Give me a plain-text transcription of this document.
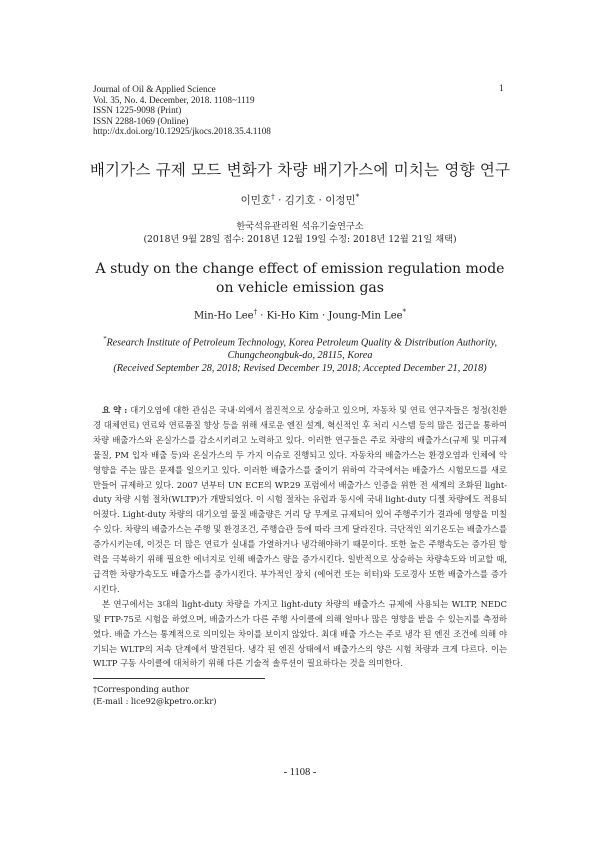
Journal of Oil & Applied Science
Vol. 35, No. 4. December, 2018. 1108~1119
ISSN 1225-9098 (Print)
ISSN 2288-1069 (Online)
http://dx.doi.org/10.12925/jkocs.2018.35.4.1108
1
배기가스 규제 모드 변화가 차량 배기가스에 미치는 영향 연구
이민호† · 김기호 · 이정민*
한국석유관리원 석유기술연구소
(2018년 9월 28일 접수: 2018년 12월 19일 수정: 2018년 12월 21일 채택)
A study on the change effect of emission regulation mode
on vehicle emission gas
Min-Ho Lee† · Ki-Ho Kim · Joung-Min Lee*
*Research Institute of Petroleum Technology, Korea Petroleum Quality & Distribution Authority,
Chungcheongbuk-do, 28115, Korea
(Received September 28, 2018; Revised December 19, 2018; Accepted December 21, 2018)

요 약 : 대기오염에 대한 관심은 국내·외에서 점진적으로 상승하고 있으며, 자동차 및 연료 연구자들은 청정(친환경 대체연료) 연료와 연료품질 향상 등을 위해 새로운 엔진 설계, 혁신적인 후 처리 시스템 등의 많은 접근을 통하여 차량 배출가스와 온실가스를 감소시키려고 노력하고 있다. 이러한 연구들은 주로 차량의 배출가스(규제 및 미규제물질, PM 입자 배출 등)와 온실가스의 두 가지 이슈로 진행되고 있다. 자동차의 배출가스는 환경오염과 인체에 악영향을 주는 많은 문제를 일으키고 있다. 이러한 배출가스를 줄이기 위하여 각국에서는 배출가스 시험모드를 새로 만들어 규제하고 있다. 2007 년부터 UN ECE의 WP.29 포럼에서 배출가스 인증을 위한 전 세계의 조화된 light-duty 차량 시험 절차(WLTP)가 개발되었다. 이 시험 절차는 유럽과 동시에 국내 light-duty 디젤 차량에도 적용되어졌다. Light-duty 차량의 대기오염 물질 배출량은 거리 당 무게로 규제되어 있어 주행주기가 결과에 영향을 미칠 수 있다. 차량의 배출가스는 주행 및 환경조건, 주행습관 등에 따라 크게 달라진다. 극단적인 외기온도는 배출가스를 증가시키는데, 이것은 더 많은 연료가 실내를 가열하거나 냉각해야하기 때문이다. 또한 높은 주행속도는 증가된 항력을 극복하기 위해 필요한 에너지로 인해 배출가스 량을 증가시킨다. 일반적으로 상승하는 차량속도와 비교할 때, 급격한 차량가속도도 배출가스를 증가시킨다. 부가적인 장치 (에어컨 또는 히터)와 도로경사 또한 배출가스를 증가시킨다.

본 연구에서는 3대의 light-duty 차량을 가지고 light-duty 차량의 배출가스 규제에 사용되는 WLTP, NEDC 및 FTP-75로 시험을 하였으며, 배출가스가 다른 주행 사이클에 의해 얼마나 많은 영향을 받을 수 있는지를 측정하였다. 배출 가스는 통계적으로 의미있는 차이를 보이지 않았다. 최대 배출 가스는 주로 냉각 된 엔진 조건에 의해 야기되는 WLTP의 저속 단계에서 발견된다. 냉각 된 엔진 상태에서 배출가스의 양은 시험 차량과 크게 다르다. 이는 WLTP 구동 사이클에 대처하기 위해 다른 기술적 솔루션이 필요하다는 것을 의미한다.

†Corresponding author
(E-mail : lice92@kpetro.or.kr)
- 1108 -
